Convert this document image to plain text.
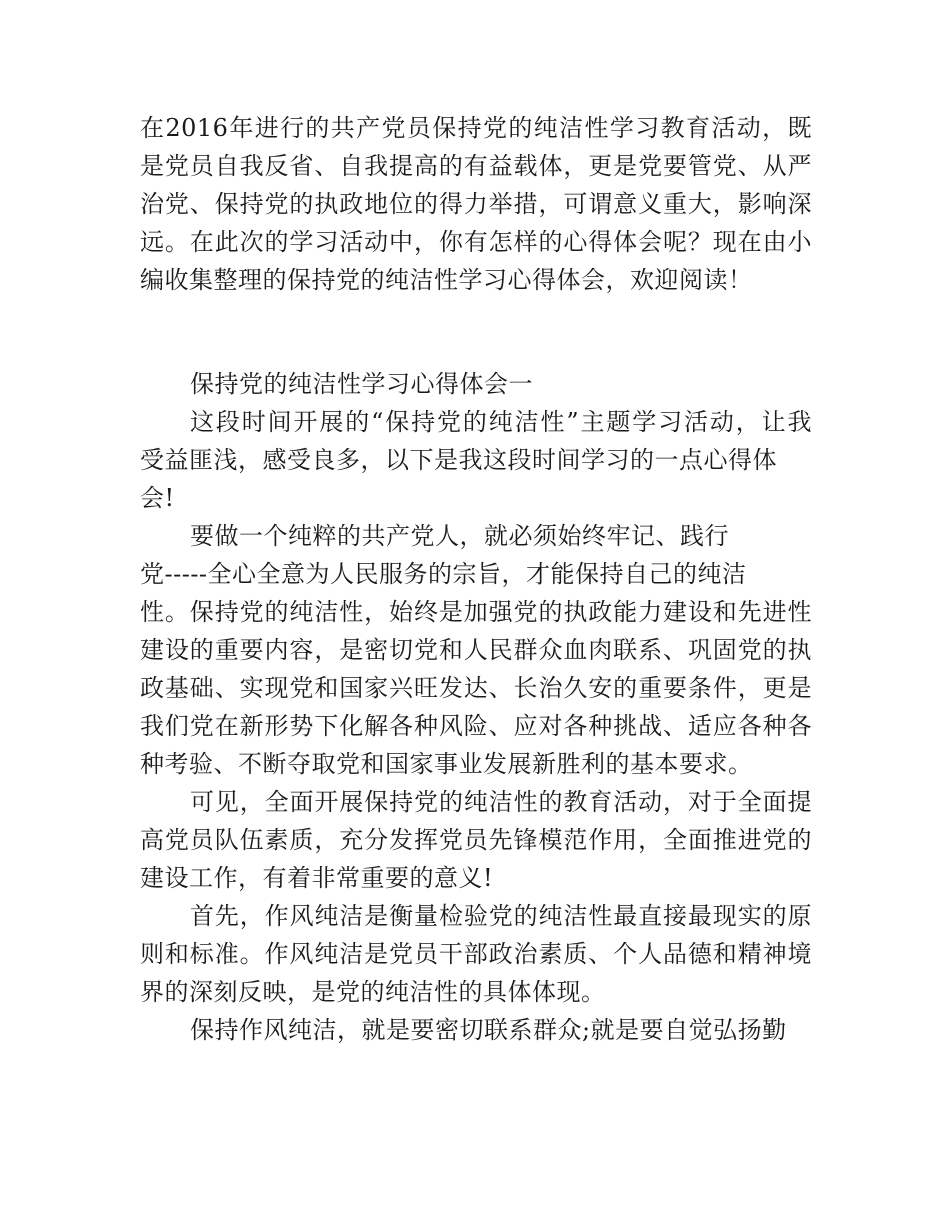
在2016年进行的共产党员保持党的纯洁性学习教育活动，既
是党员自我反省、自我提高的有益载体，更是党要管党、从严
治党、保持党的执政地位的得力举措，可谓意义重大，影响深
远。在此次的学习活动中，你有怎样的心得体会呢？现在由小
编收集整理的保持党的纯洁性学习心得体会，欢迎阅读！
保持党的纯洁性学习心得体会一
这段时间开展的“保持党的纯洁性”主题学习活动，让我
受益匪浅，感受良多，以下是我这段时间学习的一点心得体
会!
要做一个纯粹的共产党人，就必须始终牢记、践行
党-----全心全意为人民服务的宗旨，才能保持自己的纯洁
性。保持党的纯洁性，始终是加强党的执政能力建设和先进性
建设的重要内容，是密切党和人民群众血肉联系、巩固党的执
政基础、实现党和国家兴旺发达、长治久安的重要条件，更是
我们党在新形势下化解各种风险、应对各种挑战、适应各种各
种考验、不断夺取党和国家事业发展新胜利的基本要求。
可见，全面开展保持党的纯洁性的教育活动，对于全面提
高党员队伍素质，充分发挥党员先锋模范作用，全面推进党的
建设工作，有着非常重要的意义!
首先，作风纯洁是衡量检验党的纯洁性最直接最现实的原
则和标准。作风纯洁是党员干部政治素质、个人品德和精神境
界的深刻反映，是党的纯洁性的具体体现。
保持作风纯洁，就是要密切联系群众;就是要自觉弘扬勤
